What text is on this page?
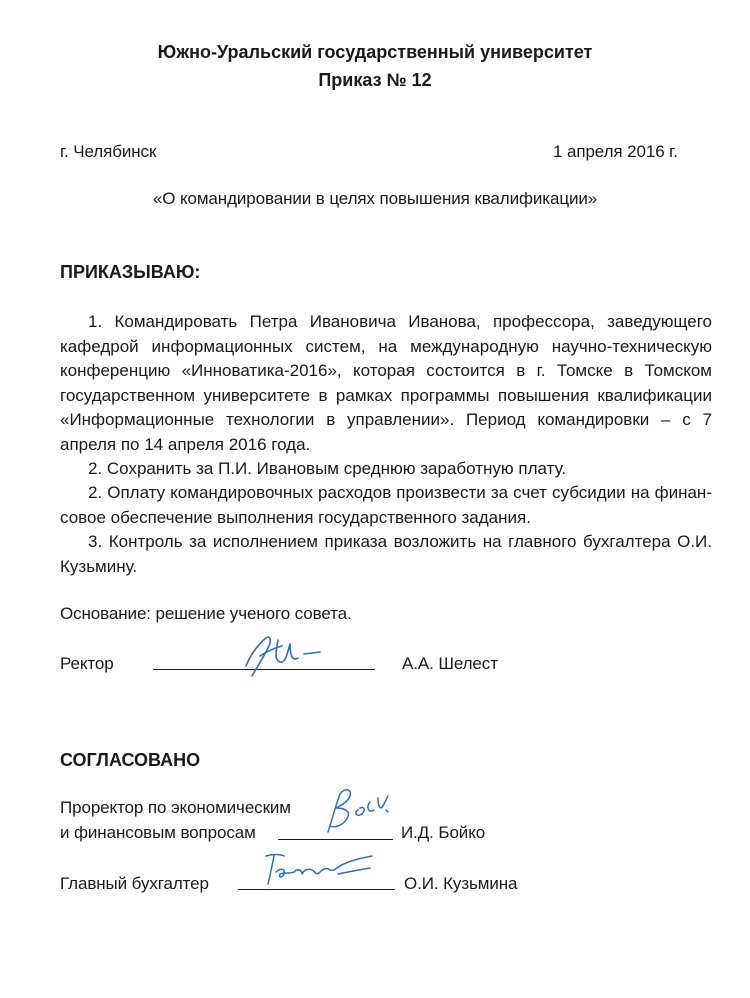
Южно-Уральский государственный университет
Приказ № 12
г. Челябинск	1 апреля 2016 г.
«О командировании в целях повышения квалификации»
ПРИКАЗЫВАЮ:
1. Командировать Петра Ивановича Иванова, профессора, заведующего кафедрой информационных систем, на международную научно-техническую конференцию «Инноватика-2016», которая состоится в г. Томске в Томском государственном университете в рамках программы повышения квалификации «Информационные технологии в управлении». Период командировки – с 7 апреля по 14 апреля 2016 года.
2. Сохранить за П.И. Ивановым среднюю заработную плату.
2. Оплату командировочных расходов произвести за счет субсидии на финансовое обеспечение выполнения государственного задания.
3. Контроль за исполнением приказа возложить на главного бухгалтера О.И. Кузьмину.
Основание: решение ученого совета.
Ректор	А.А. Шелест
СОГЛАСОВАНО
Проректор по экономическим
и финансовым вопросам	И.Д. Бойко
Главный бухгалтер	О.И. Кузьмина
